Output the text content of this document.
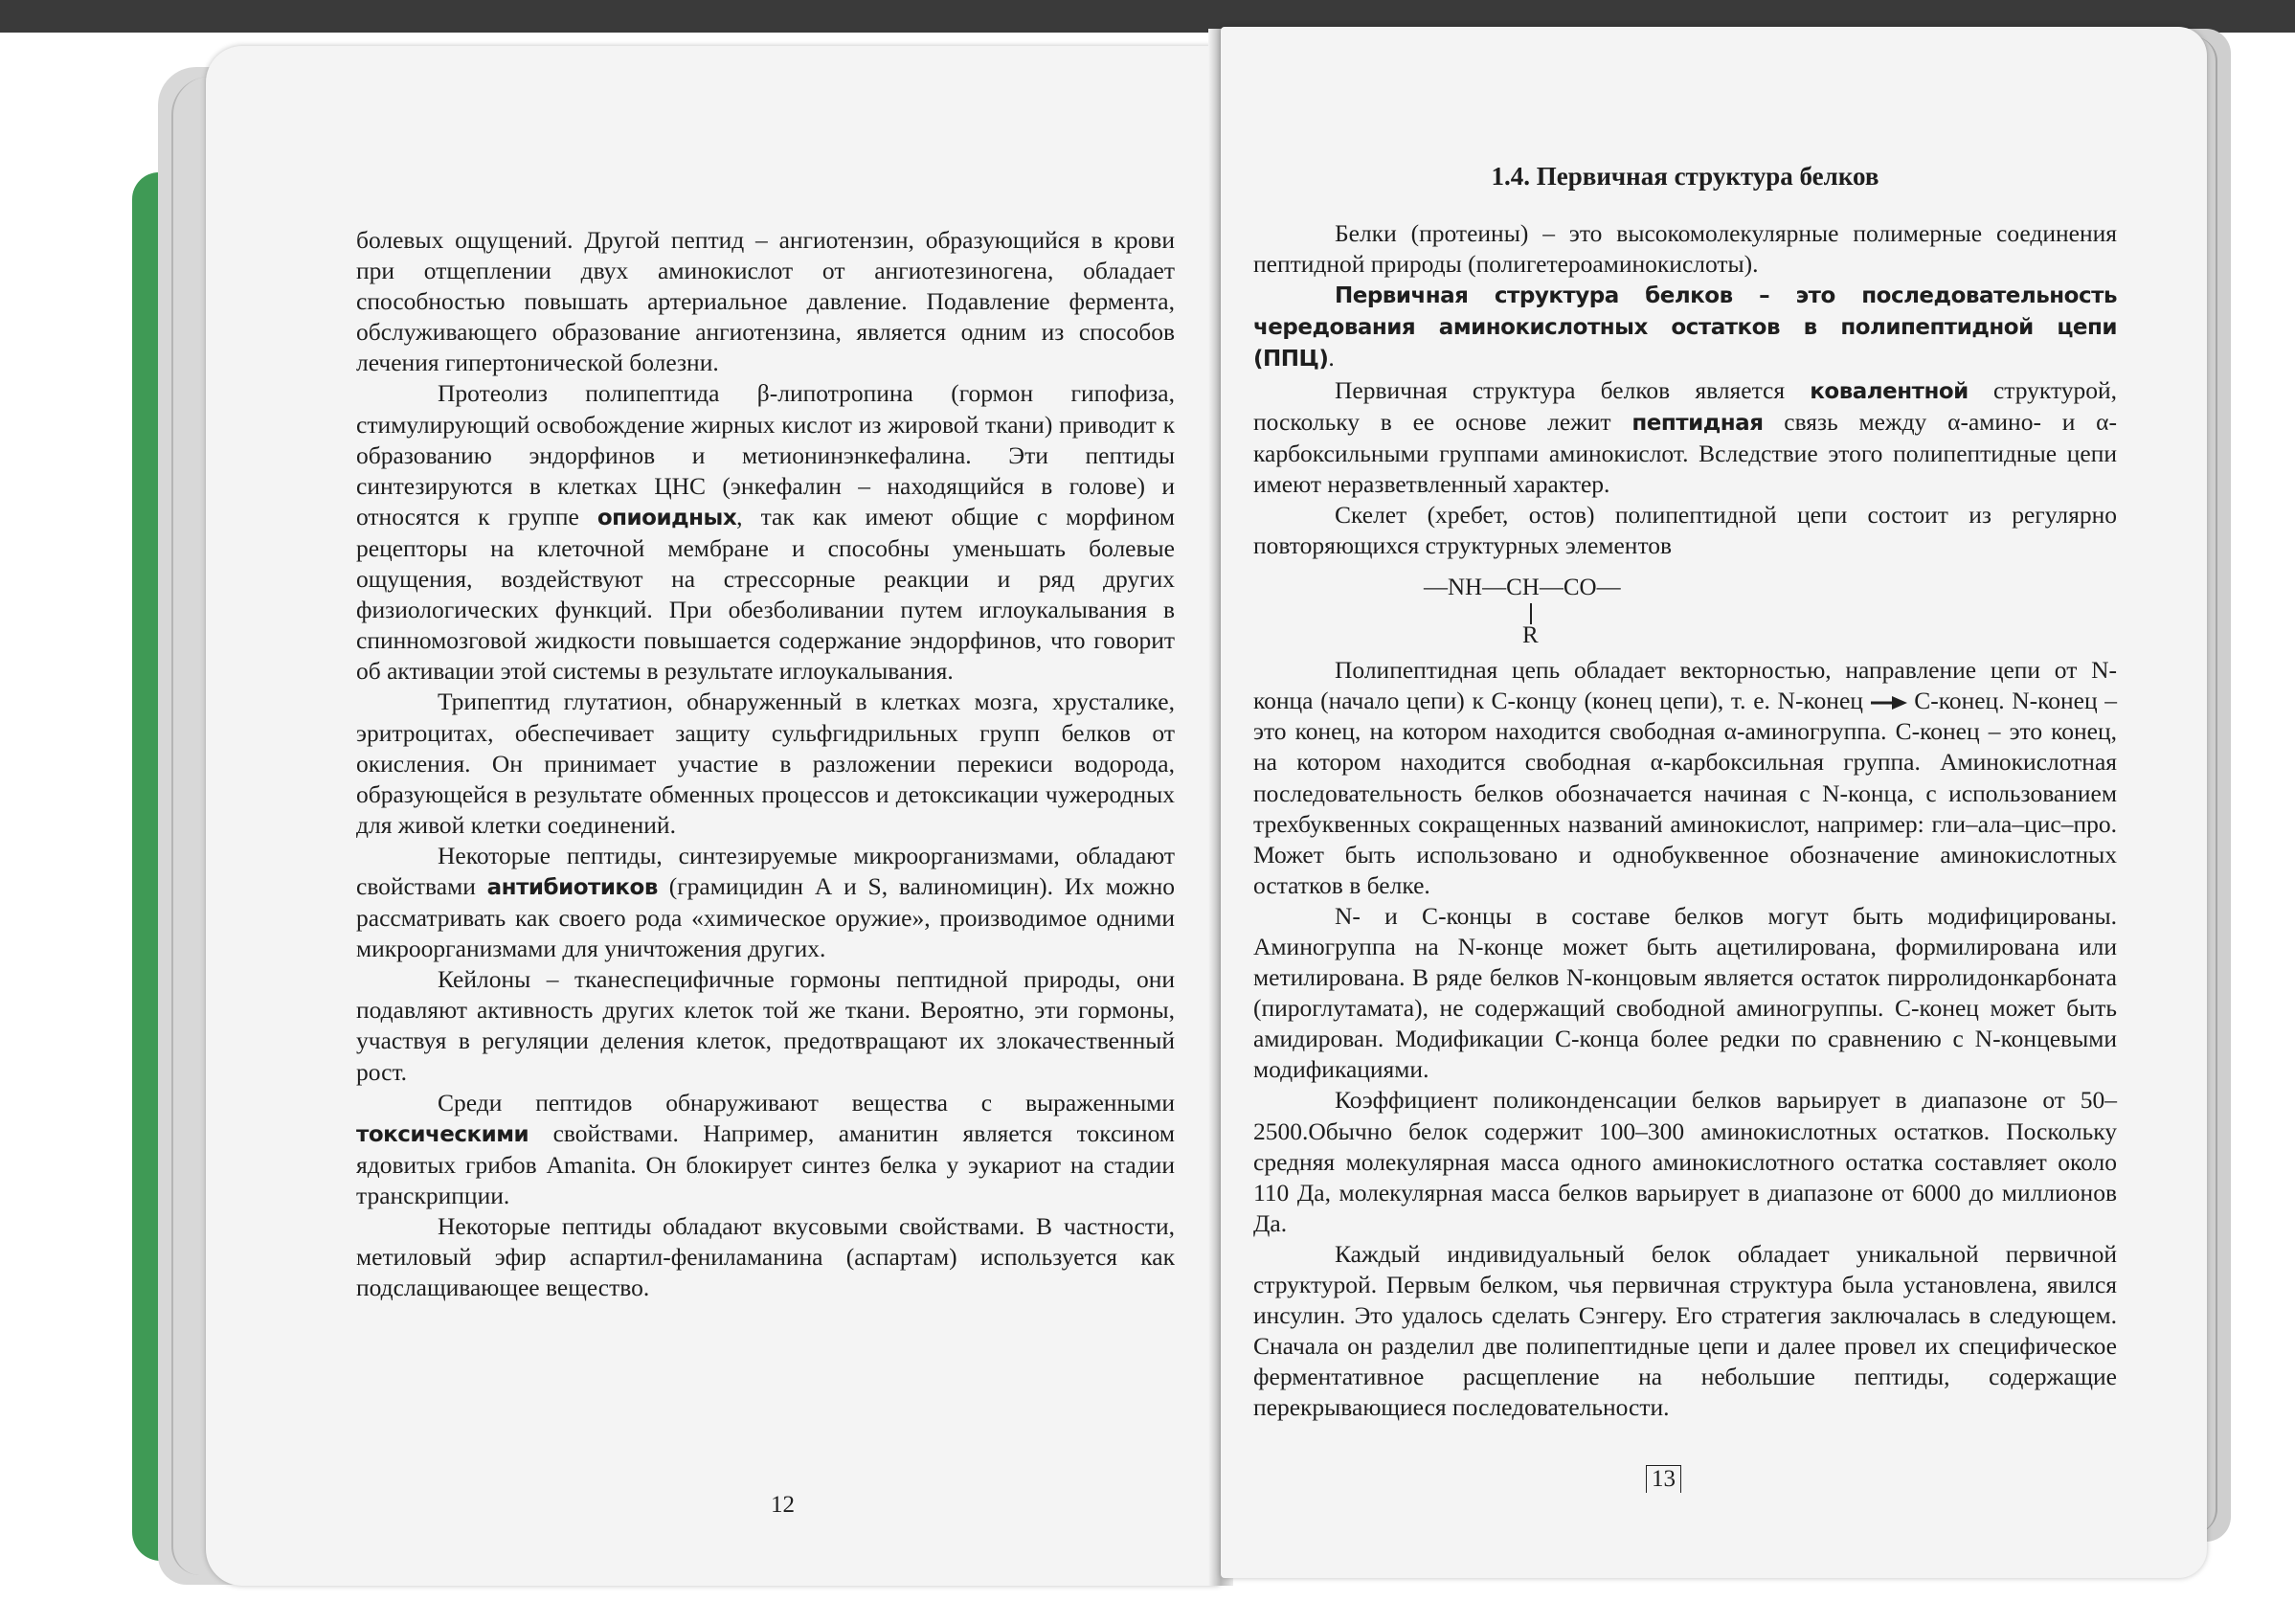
болевых ощущений. Другой пептид – ангиотензин, образующийся в крови при отщеплении двух аминокислот от ангиотезиногена, обладает способностью повышать артериальное давление. Подавление фермента, обслуживающего образование ангиотензина, является одним из способов лечения гипертонической болезни.

Протеолиз полипептида β-липотропина (гормон гипофиза, стимулирующий освобождение жирных кислот из жировой ткани) приводит к образованию эндорфинов и метионинэнкефалина. Эти пептиды синтезируются в клетках ЦНС (энкефалин – находящийся в голове) и относятся к группе опиоидных, так как имеют общие с морфином рецепторы на клеточной мембране и способны уменьшать болевые ощущения, воздействуют на стрессорные реакции и ряд других физиологических функций. При обезболивании путем иглоукалывания в спинномозговой жидкости повышается содержание эндорфинов, что говорит об активации этой системы в результате иглоукалывания.

Трипептид глутатион, обнаруженный в клетках мозга, хрусталике, эритроцитах, обеспечивает защиту сульфгидрильных групп белков от окисления. Он принимает участие в разложении перекиси водорода, образующейся в результате обменных процессов и детоксикации чужеродных для живой клетки соединений.

Некоторые пептиды, синтезируемые микроорганизмами, обладают свойствами антибиотиков (грамицидин А и S, валиномицин). Их можно рассматривать как своего рода «химическое оружие», производимое одними микроорганизмами для уничтожения других.

Кейлоны – тканеспецифичные гормоны пептидной природы, они подавляют активность других клеток той же ткани. Вероятно, эти гормоны, участвуя в регуляции деления клеток, предотвращают их злокачественный рост.

Среди пептидов обнаруживают вещества с выраженными токсическими свойствами. Например, аманитин является токсином ядовитых грибов Amanita. Он блокирует синтез белка у эукариот на стадии транскрипции.

Некоторые пептиды обладают вкусовыми свойствами. В частности, метиловый эфир аспартил-фениламанина (аспартам) используется как подслащивающее вещество.

12
1.4. Первичная структура белков

Белки (протеины) – это высокомолекулярные полимерные соединения пептидной природы (полигетероаминокислоты).

Первичная структура белков – это последовательность чередования аминокислотных остатков в полипептидной цепи (ППЦ).

Первичная структура белков является ковалентной структурой, поскольку в ее основе лежит пептидная связь между α-амино- и α-карбоксильными группами аминокислот. Вследствие этого полипептидные цепи имеют неразветвленный характер.

Скелет (хребет, остов) полипептидной цепи состоит из регулярно повторяющихся структурных элементов

—NH—CH—CO—
R

Полипептидная цепь обладает векторностью, направление цепи от N-конца (начало цепи) к С-концу (конец цепи), т. е. N-конец С-конец. N-конец – это конец, на котором находится свободная α-аминогруппа. С-конец – это конец, на котором находится свободная α-карбоксильная группа. Аминокислотная последовательность белков обозначается начиная с N-конца, с использованием трехбуквенных сокращенных названий аминокислот, например: гли–ала–цис–про. Может быть использовано и однобуквенное обозначение аминокислотных остатков в белке.

N- и С-концы в составе белков могут быть модифицированы. Аминогруппа на N-конце может быть ацетилирована, формилирована или метилирована. В ряде белков N-концовым является остаток пирролидонкарбоната (пироглутамата), не содержащий свободной аминогруппы. С-конец может быть амидирован. Модификации С-конца более редки по сравнению с N-концевыми модификациями.

Коэффициент поликонденсации белков варьирует в диапазоне от 50–2500.Обычно белок содержит 100–300 аминокислотных остатков. Поскольку средняя молекулярная масса одного аминокислотного остатка составляет около 110 Да, молекулярная масса белков варьирует в диапазоне от 6000 до миллионов Да.

Каждый индивидуальный белок обладает уникальной первичной структурой. Первым белком, чья первичная структура была установлена, явился инсулин. Это удалось сделать Сэнгеру. Его стратегия заключалась в следующем. Сначала он разделил две полипептидные цепи и далее провел их специфическое ферментативное расщепление на небольшие пептиды, содержащие перекрывающиеся последовательности.

13
